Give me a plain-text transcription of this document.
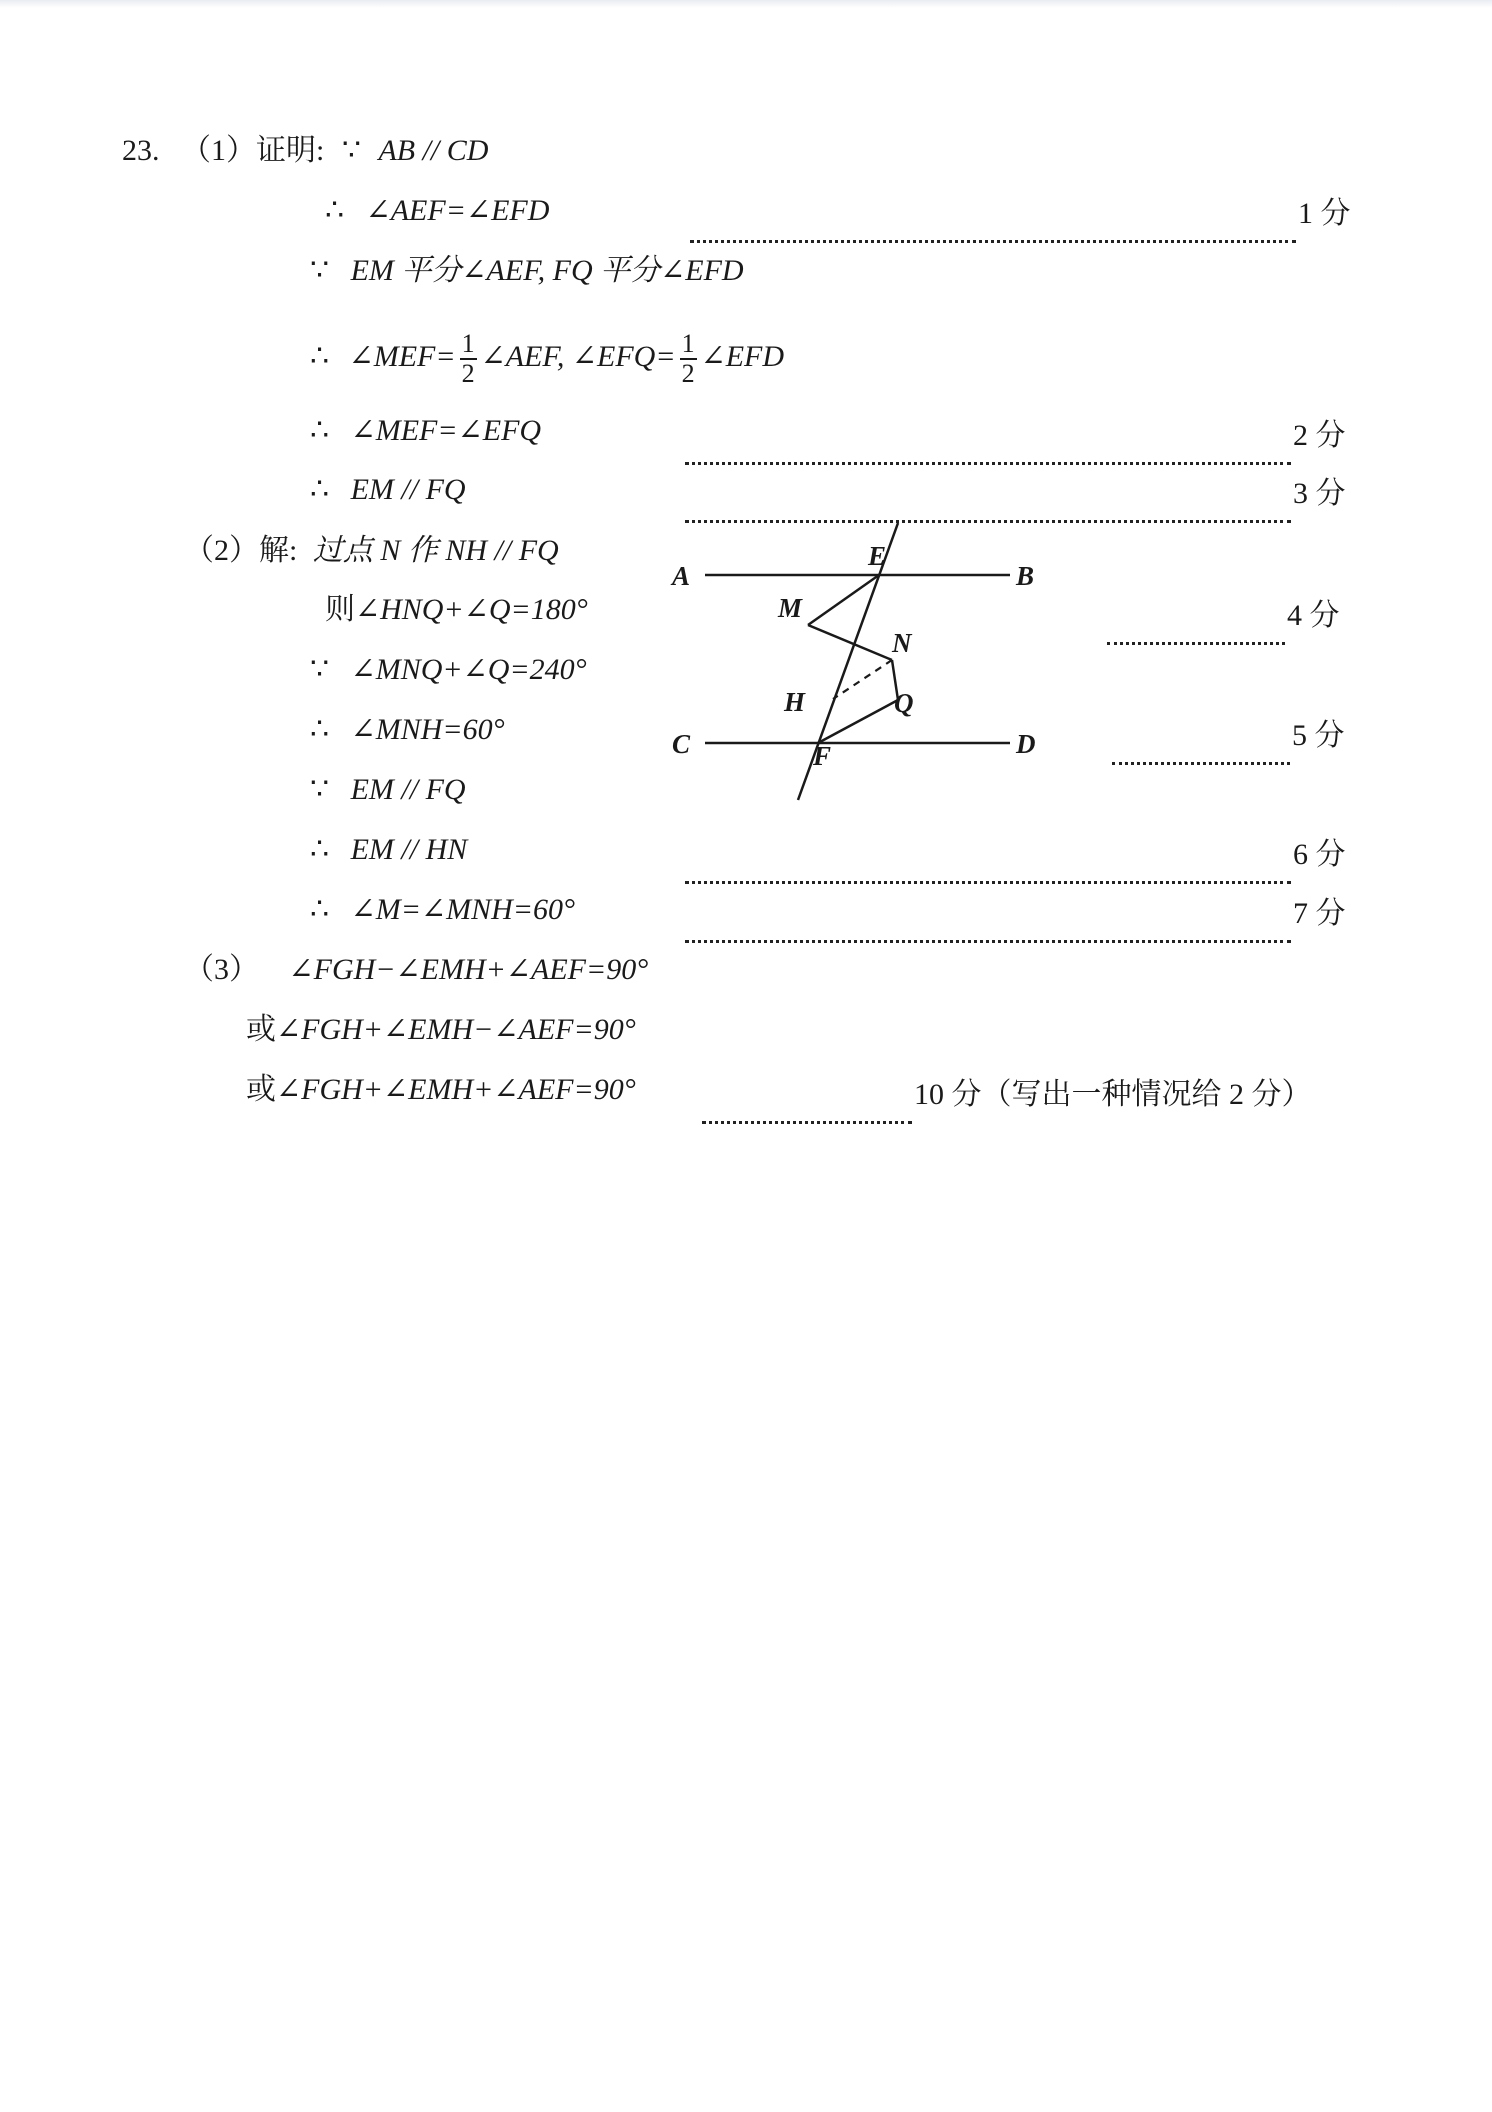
23. （1）证明: ∵ AB // CD
∴ ∠AEF=∠EFD	1 分
∵ EM 平分∠AEF, FQ 平分∠EFD
∴ ∠MEF= $\frac{1}{2}$ ∠AEF, ∠EFQ= $\frac{1}{2}$ ∠EFD
∴ ∠MEF=∠EFQ	2 分
∴ EM // FQ	3 分
（2）解: 过点 N 作 NH // FQ
则∠HNQ+∠Q=180°	4 分
∵ ∠MNQ+∠Q=240°
∴ ∠MNH=60°	5 分
∵ EM // FQ
∴ EM // HN	6 分
∴ ∠M=∠MNH=60°	7 分
（3） ∠FGH−∠EMH+∠AEF=90°
或∠FGH+∠EMH−∠AEF=90°
或∠FGH+∠EMH+∠AEF=90°	10 分（写出一种情况给 2 分）
A	B
C	D
E
F
M
N
H	Q
